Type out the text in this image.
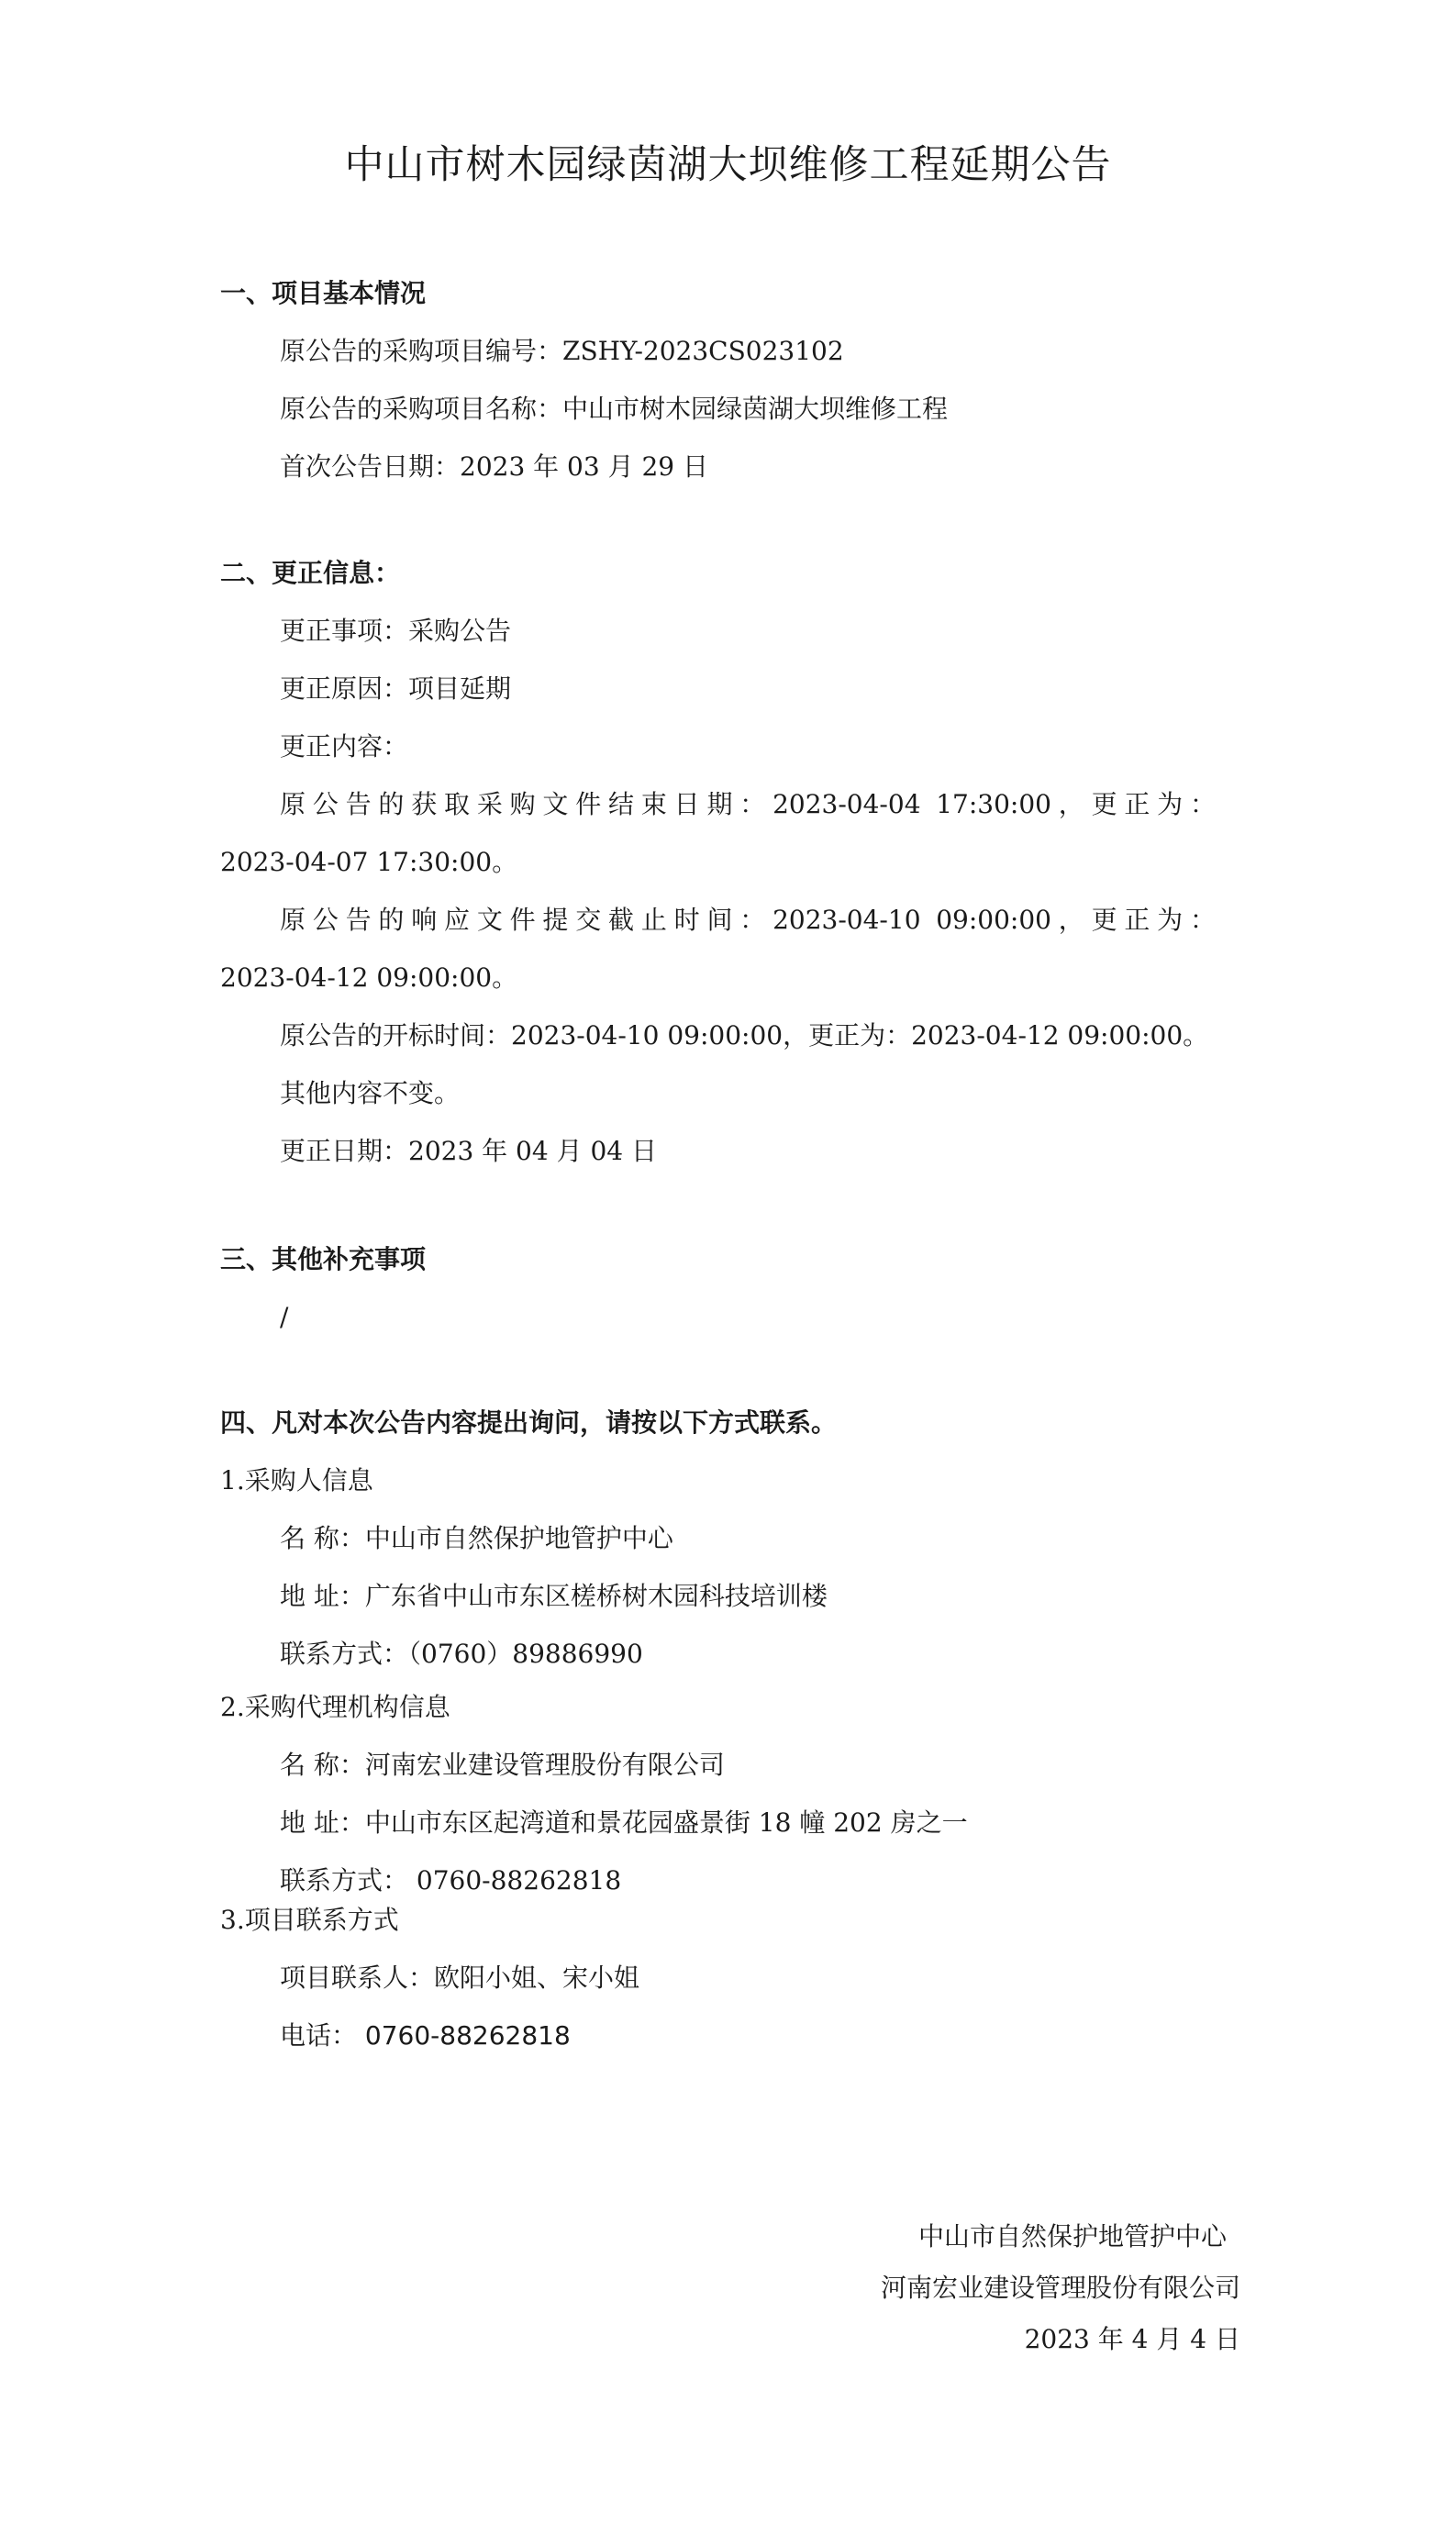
中山市树木园绿茵湖大坝维修工程延期公告
一、项目基本情况
原公告的采购项目编号：ZSHY-2023CS023102
原公告的采购项目名称：中山市树木园绿茵湖大坝维修工程
首次公告日期：2023 年 03 月 29 日
二、更正信息：
更正事项：采购公告
更正原因：项目延期
更正内容：
原公告的获取采购文件结束日期：2023-04-04 17:30:00，更正为：
2023-04-07 17:30:00。
原公告的响应文件提交截止时间：2023-04-10 09:00:00，更正为：
2023-04-12 09:00:00。
原公告的开标时间：2023-04-10 09:00:00，更正为：2023-04-12 09:00:00。
其他内容不变。
更正日期：2023 年 04 月 04 日
三、其他补充事项
/
四、凡对本次公告内容提出询问，请按以下方式联系。
1.采购人信息
名 称：中山市自然保护地管护中心
地 址：广东省中山市东区槎桥树木园科技培训楼
联系方式：（0760）89886990
2.采购代理机构信息
名 称：河南宏业建设管理股份有限公司
地 址：中山市东区起湾道和景花园盛景街 18 幢 202 房之一
联系方式： 0760-88262818
3.项目联系方式
项目联系人：欧阳小姐、宋小姐
电话： 0760-88262818
中山市自然保护地管护中心
河南宏业建设管理股份有限公司
2023 年 4 月 4 日
